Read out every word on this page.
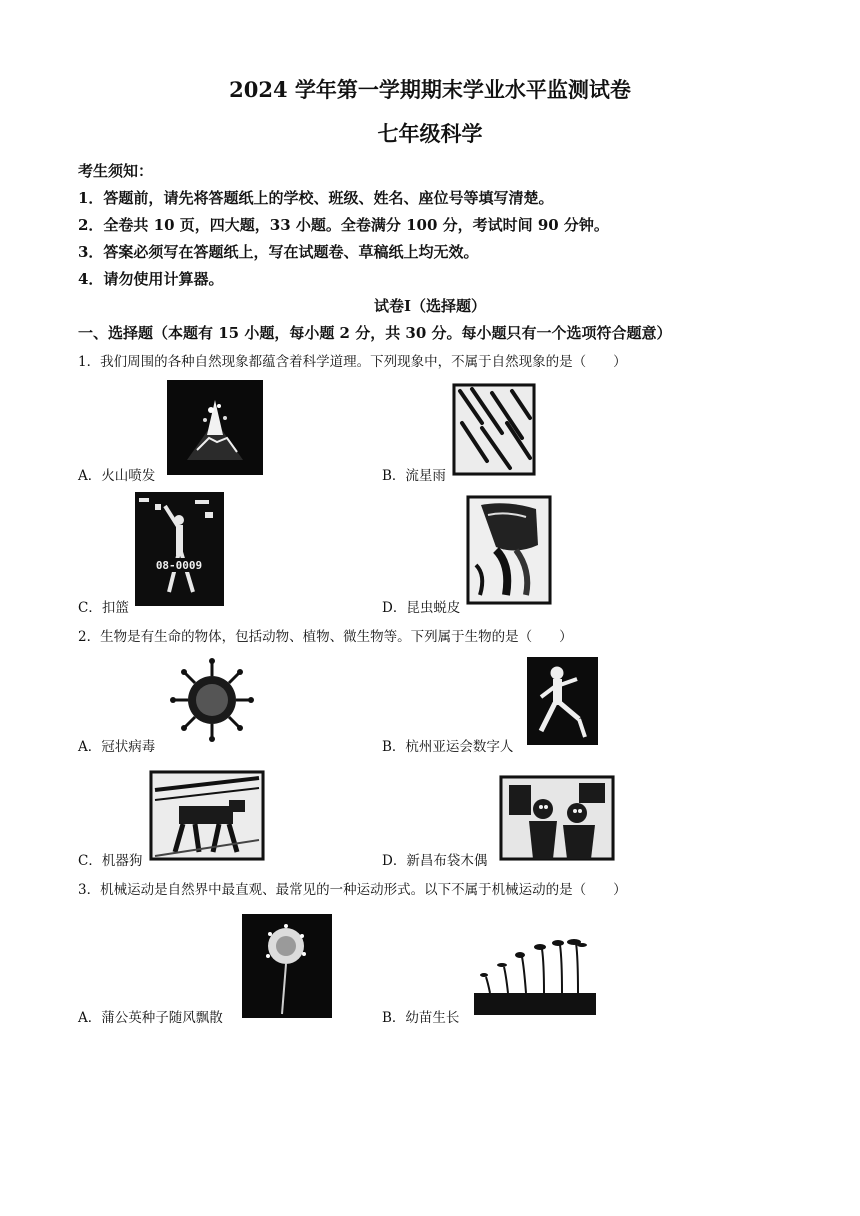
2024 学年第一学期期末学业水平监测试卷
七年级科学
考生须知：
1．答题前，请先将答题纸上的学校、班级、姓名、座位号等填写清楚。
2．全卷共 10 页，四大题，33 小题。全卷满分 100 分，考试时间 90 分钟。
3．答案必须写在答题纸上，写在试题卷、草稿纸上均无效。
4．请勿使用计算器。
试卷Ⅰ（选择题）
一、选择题（本题有 15 小题，每小题 2 分，共 30 分。每小题只有一个选项符合题意）
1．我们周围的各种自然现象都蕴含着科学道理。下列现象中，不属于自然现象的是（　　）
A．火山喷发	B．流星雨
08-0009
C．扣篮	D．昆虫蜕皮
2．生物是有生命的物体，包括动物、植物、微生物等。下列属于生物的是（　　）
A．冠状病毒	B．杭州亚运会数字人
C．机器狗	D．新昌布袋木偶
3．机械运动是自然界中最直观、最常见的一种运动形式。以下不属于机械运动的是（　　）
A．蒲公英种子随风飘散	B．幼苗生长
